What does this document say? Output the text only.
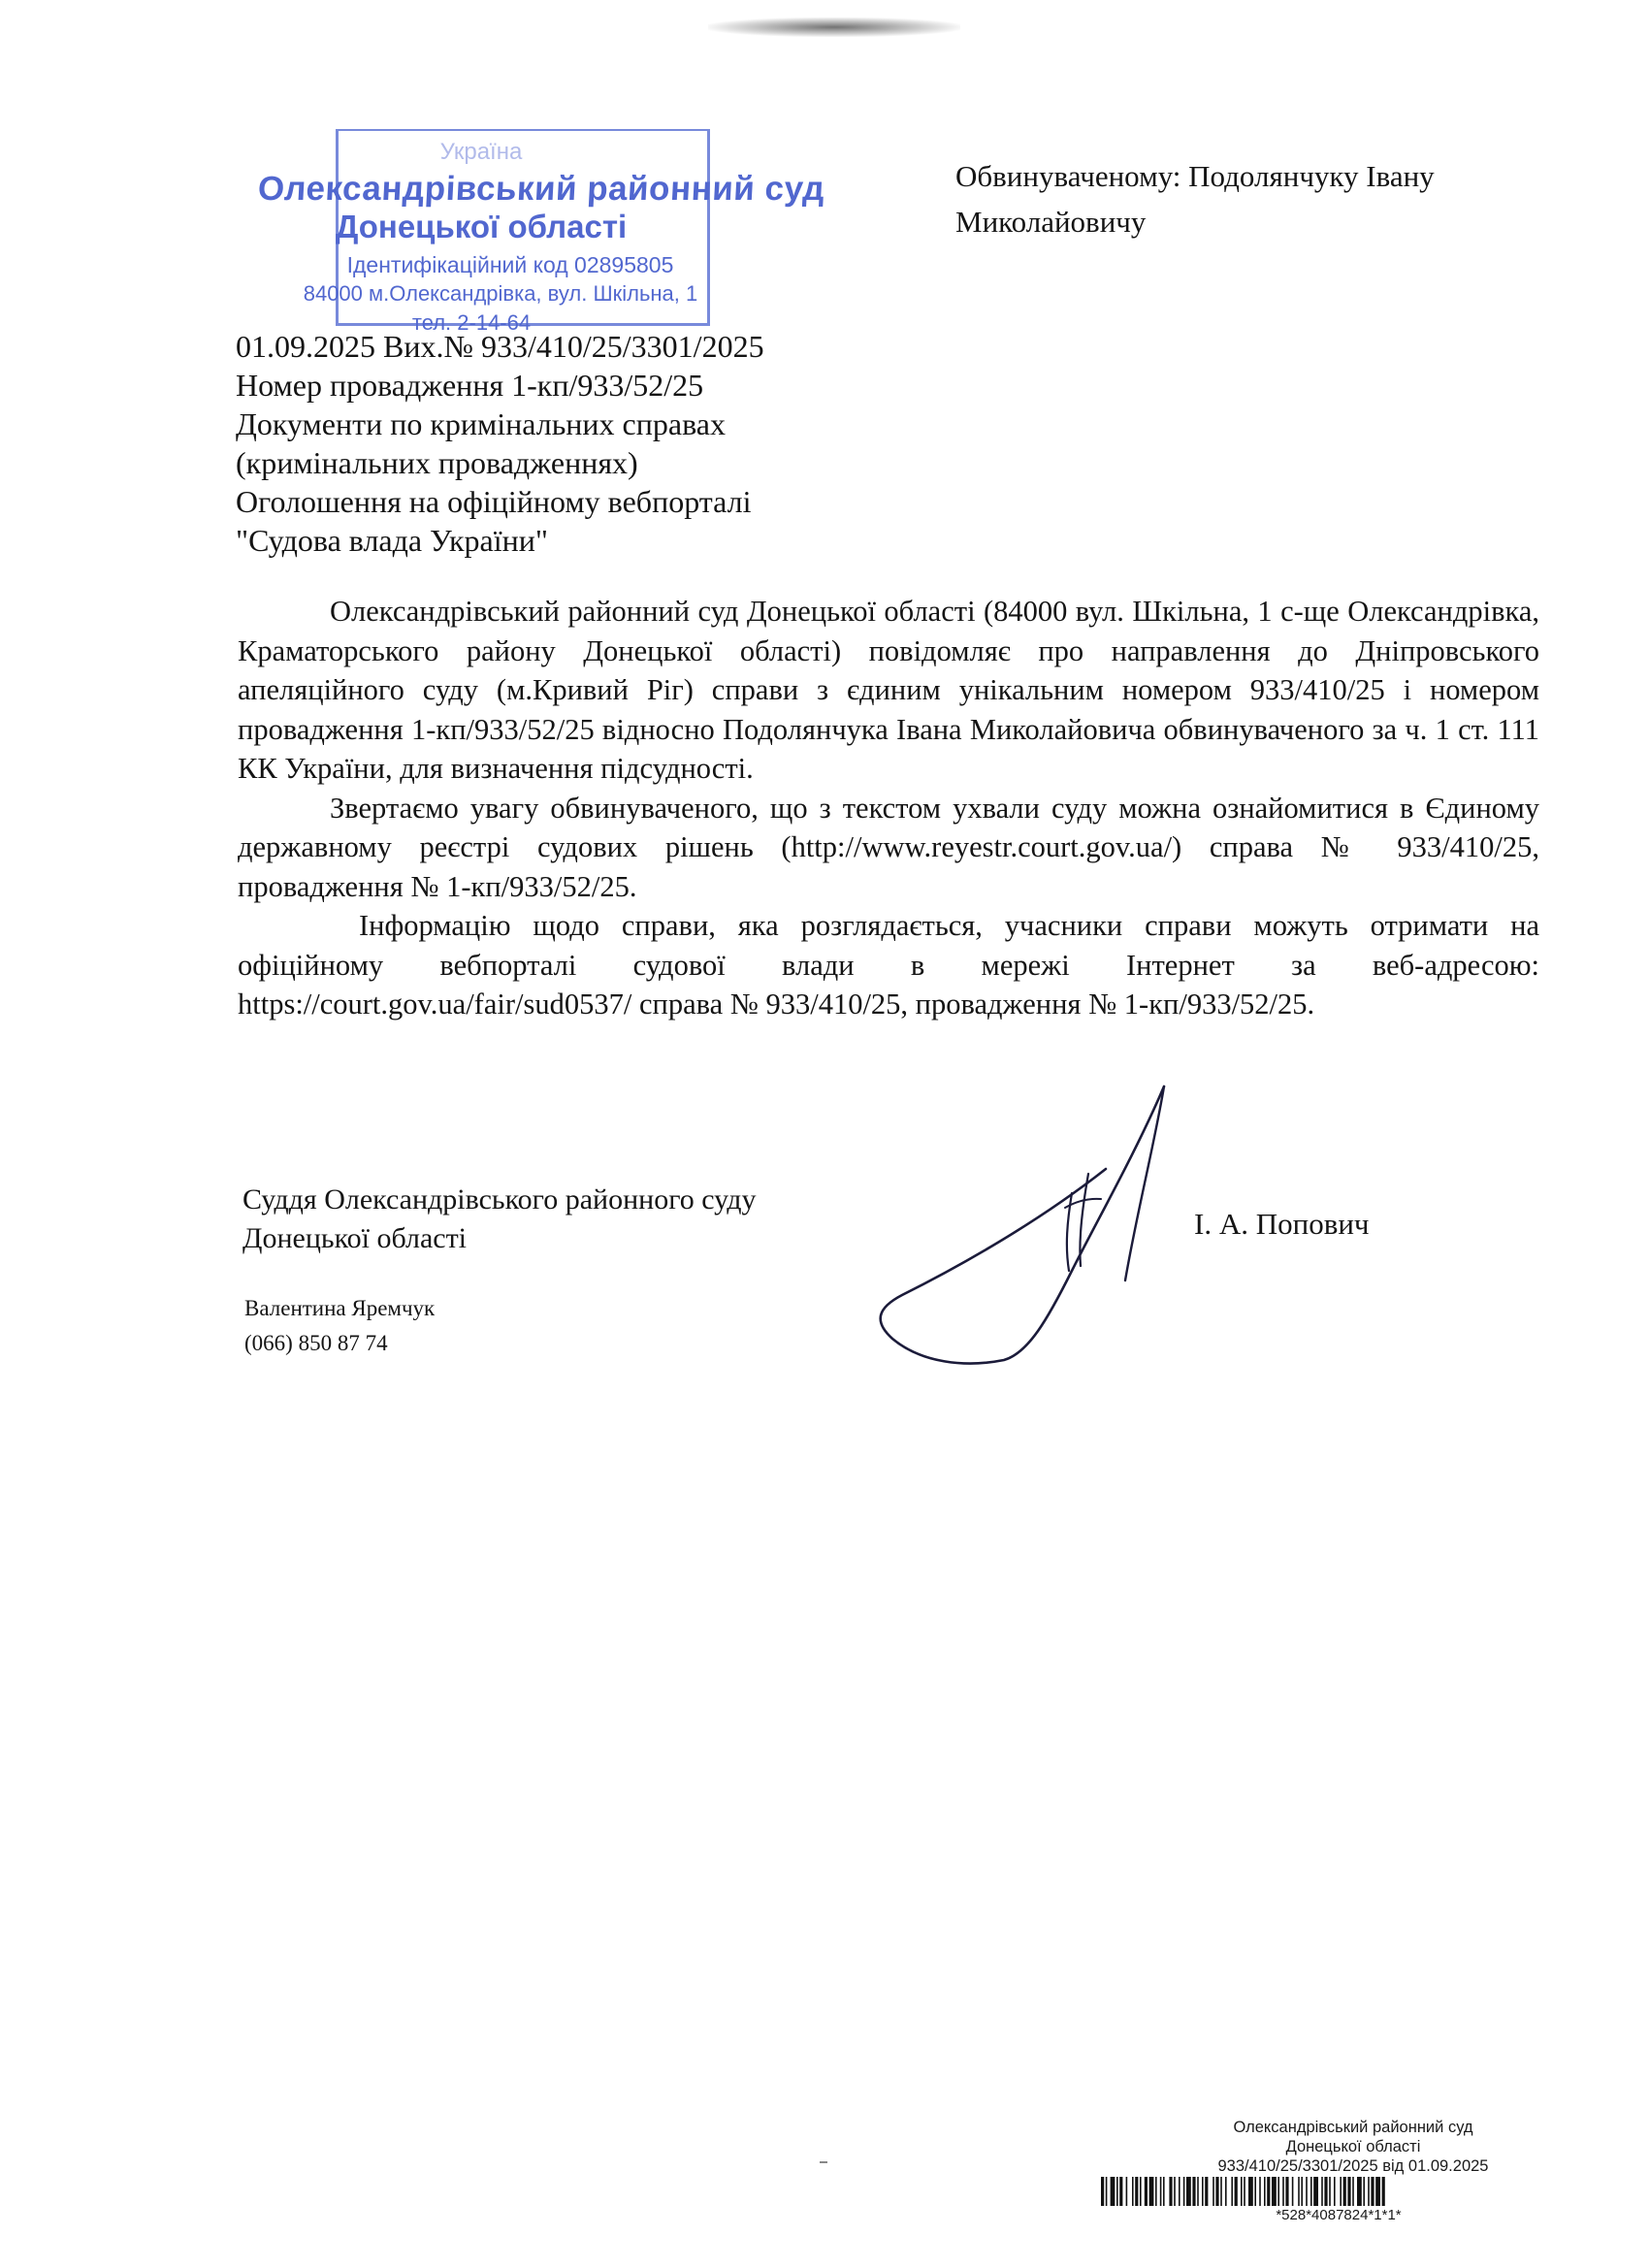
Україна
Олександрівський районний суд
Донецької області
Ідентифікаційний код 02895805
84000 м.Олександрівка, вул. Шкільна, 1
тел. 2-14-64
Обвинуваченому: Подолянчуку Івану
Миколайовичу
01.09.2025 Вих.№ 933/410/25/3301/2025
Номер провадження 1-кп/933/52/25
Документи по кримінальних справах
(кримінальних провадженнях)
Оголошення на офіційному вебпорталі
"Судова влада України"

Олександрівський районний суд Донецької області (84000 вул. Шкільна, 1 с-ще Олександрівка, Краматорського району Донецької області) повідомляє про направлення до Дніпровського апеляційного суду (м.Кривий Ріг) справи з єдиним унікальним номером 933/410/25 і номером провадження 1-кп/933/52/25 відносно Подолянчука Івана Миколайовича обвинуваченого за ч. 1 ст. 111 КК України, для визначення підсудності.

Звертаємо увагу обвинуваченого, що з текстом ухвали суду можна ознайомитися в Єдиному державному реєстрі судових рішень (http://www.reyestr.court.gov.ua/) справа № 933/410/25, провадження № 1-кп/933/52/25.

Інформацію щодо справи, яка розглядається, учасники справи можуть отримати на офіційному вебпорталі судової влади в мережі Інтернет за веб-адресою: https://court.gov.ua/fair/sud0537/ справа № 933/410/25, провадження № 1-кп/933/52/25.

Суддя Олександрівського районного суду
Донецької області	І. А. Попович
Валентина Яремчук
(066) 850 87 74
Олександрівський районний суд
Донецької області
933/410/25/3301/2025 від 01.09.2025
*528*4087824*1*1*
